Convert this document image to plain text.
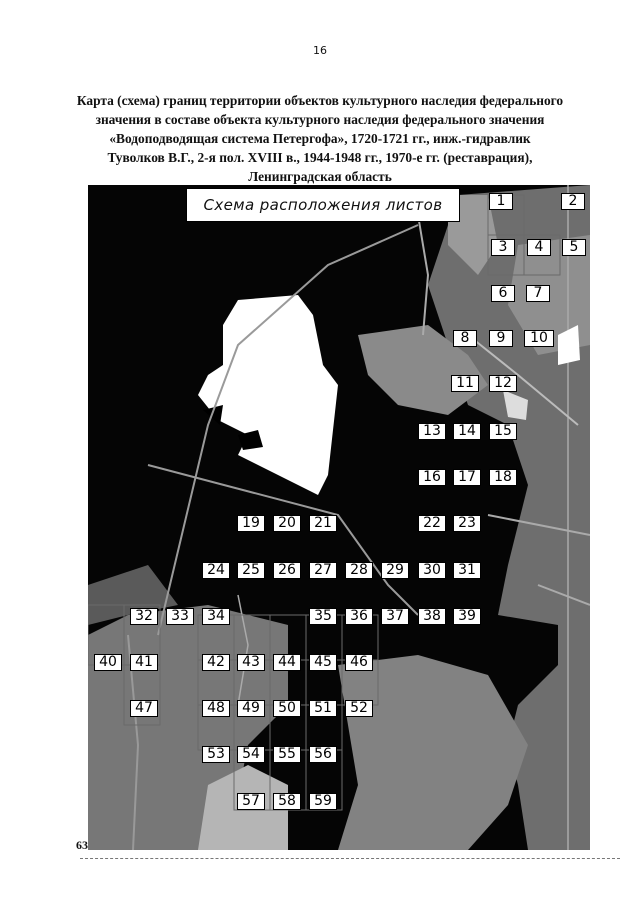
16
Карта (схема) границ территории объектов культурного наследия федерального
значения в составе объекта культурного наследия федерального значения
«Водоподводящая система Петергофа», 1720-1721 гг., инж.-гидравлик
Туволков В.Г., 2-я пол. XVIII в., 1944-1948 гг., 1970-е гг. (реставрация),
Ленинградская область
Схема расположения листов	1	2
3	4	5
6	7
8	9	10
11	12
13	14	15
16	17	18
19	20	21	22	23
24	25	26	27	28	29	30	31
32	33	34	35	36	37	38	39
40	41	42	43	44	45	46
47	48	49	50	51	52
53	54	55	56
57	58	59
63
